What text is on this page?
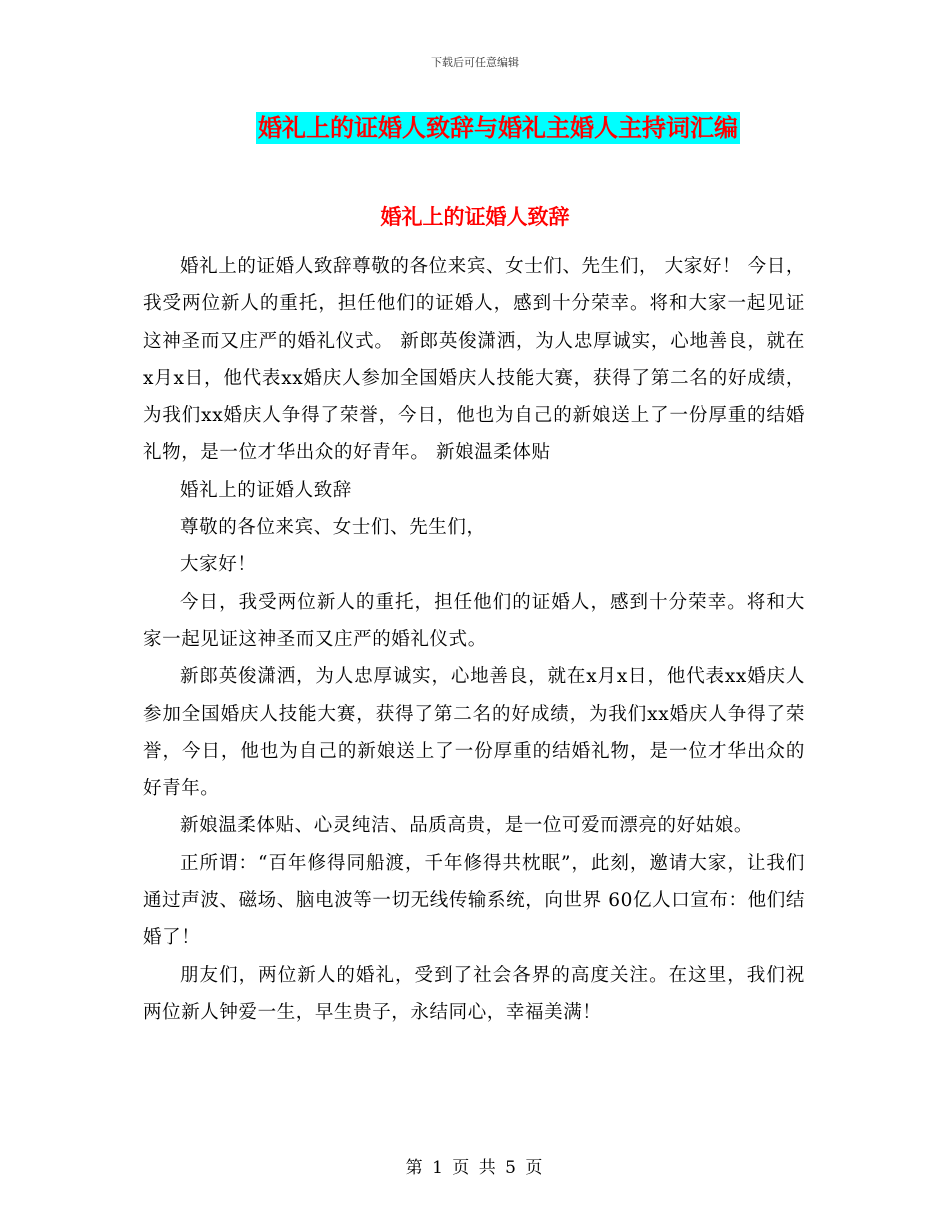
下载后可任意编辑
婚礼上的证婚人致辞与婚礼主婚人主持词汇编
婚礼上的证婚人致辞

婚礼上的证婚人致辞尊敬的各位来宾、女士们、先生们， 大家好！ 今日，我受两位新人的重托，担任他们的证婚人，感到十分荣幸。将和大家一起见证这神圣而又庄严的婚礼仪式。 新郎英俊潇洒，为人忠厚诚实，心地善良，就在x月x日，他代表xx婚庆人参加全国婚庆人技能大赛，获得了第二名的好成绩，为我们xx婚庆人争得了荣誉，今日，他也为自己的新娘送上了一份厚重的结婚礼物，是一位才华出众的好青年。 新娘温柔体贴

婚礼上的证婚人致辞

尊敬的各位来宾、女士们、先生们，

大家好！

今日，我受两位新人的重托，担任他们的证婚人，感到十分荣幸。将和大家一起见证这神圣而又庄严的婚礼仪式。

新郎英俊潇洒，为人忠厚诚实，心地善良，就在x月x日，他代表xx婚庆人参加全国婚庆人技能大赛，获得了第二名的好成绩，为我们xx婚庆人争得了荣誉，今日，他也为自己的新娘送上了一份厚重的结婚礼物，是一位才华出众的好青年。

新娘温柔体贴、心灵纯洁、品质高贵，是一位可爱而漂亮的好姑娘。

正所谓：“百年修得同船渡，千年修得共枕眠”，此刻，邀请大家，让我们通过声波、磁场、脑电波等一切无线传输系统，向世界 60亿人口宣布：他们结婚了！

朋友们，两位新人的婚礼，受到了社会各界的高度关注。在这里，我们祝两位新人钟爱一生，早生贵子，永结同心，幸福美满！

第 1 页 共 5 页
